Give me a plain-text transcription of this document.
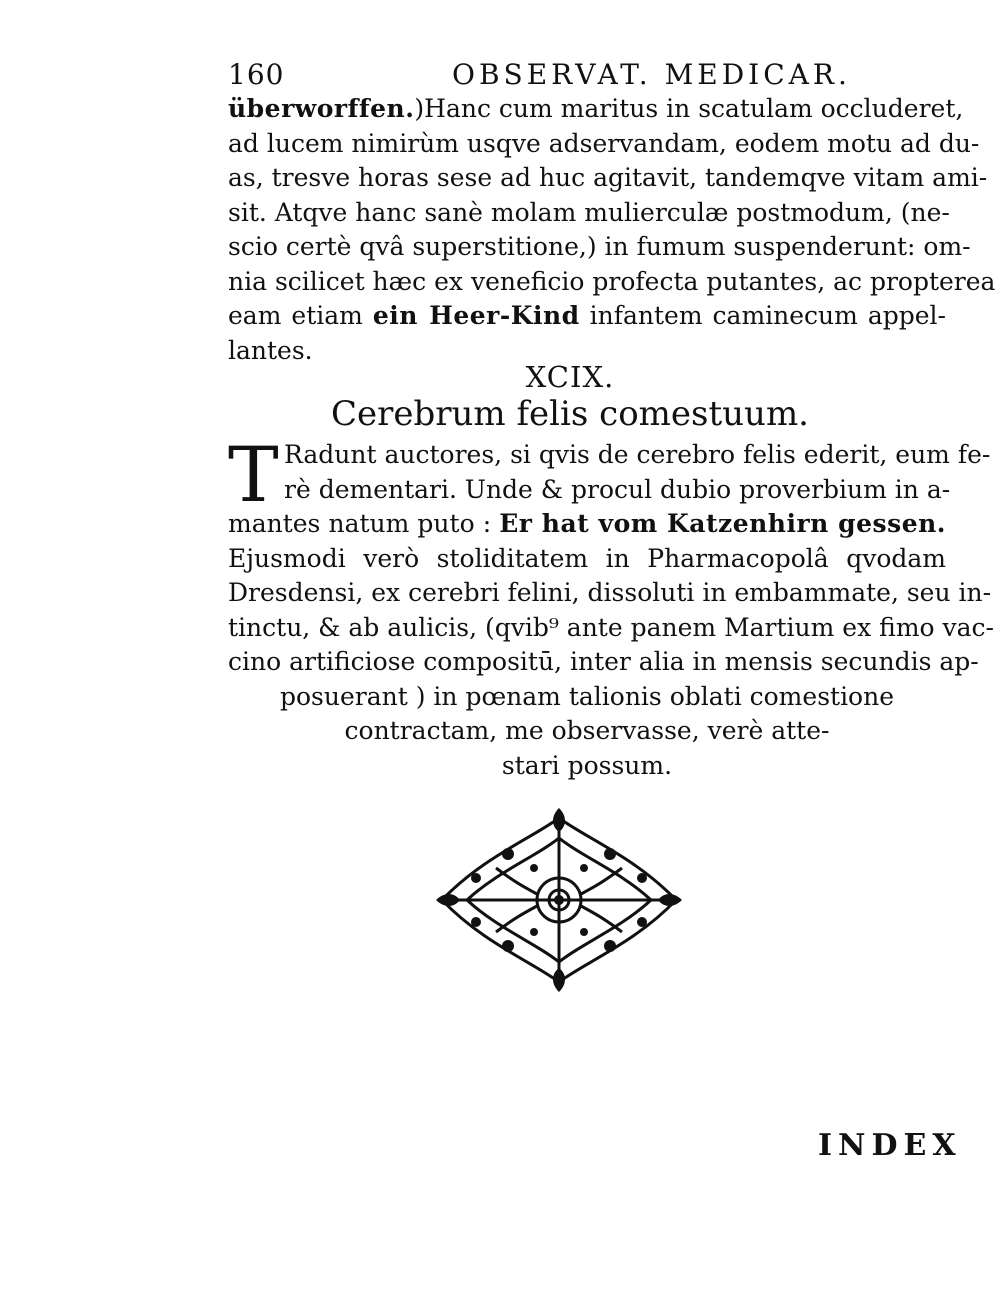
160	OBSERVAT. MEDICAR.
überworffen.)Hanc cum maritus in scatulam occluderet,
ad lucem nimirùm usqve adservandam, eodem motu ad du-
as, tresve horas sese ad huc agitavit, tandemqve vitam ami-
sit. Atqve hanc sanè molam mulierculæ postmodum, (ne-
scio certè qvâ superstitione,) in fumum suspenderunt: om-
nia scilicet hæc ex veneficio profecta putantes, ac propterea
eam etiam ein Heer-Kind infantem caminecum appel-
lantes.
XCIX.
Cerebrum felis comestuum.
T Radunt auctores, si qvis de cerebro felis ederit, eum fe-
rè dementari. Unde & procul dubio proverbium in a-
mantes natum puto : Er hat vom Katzenhirn gessen.
Ejusmodi verò stoliditatem in Pharmacopolâ qvodam
Dresdensi, ex cerebri felini, dissoluti in embammate, seu in-
tinctu, & ab aulicis, (qvib⁹ ante panem Martium ex fimo vac-
cino artificiose compositū, inter alia in mensis secundis ap-
posuerant ) in pœnam talionis oblati comestione
contractam, me observasse, verè atte-
stari possum.
INDEX
